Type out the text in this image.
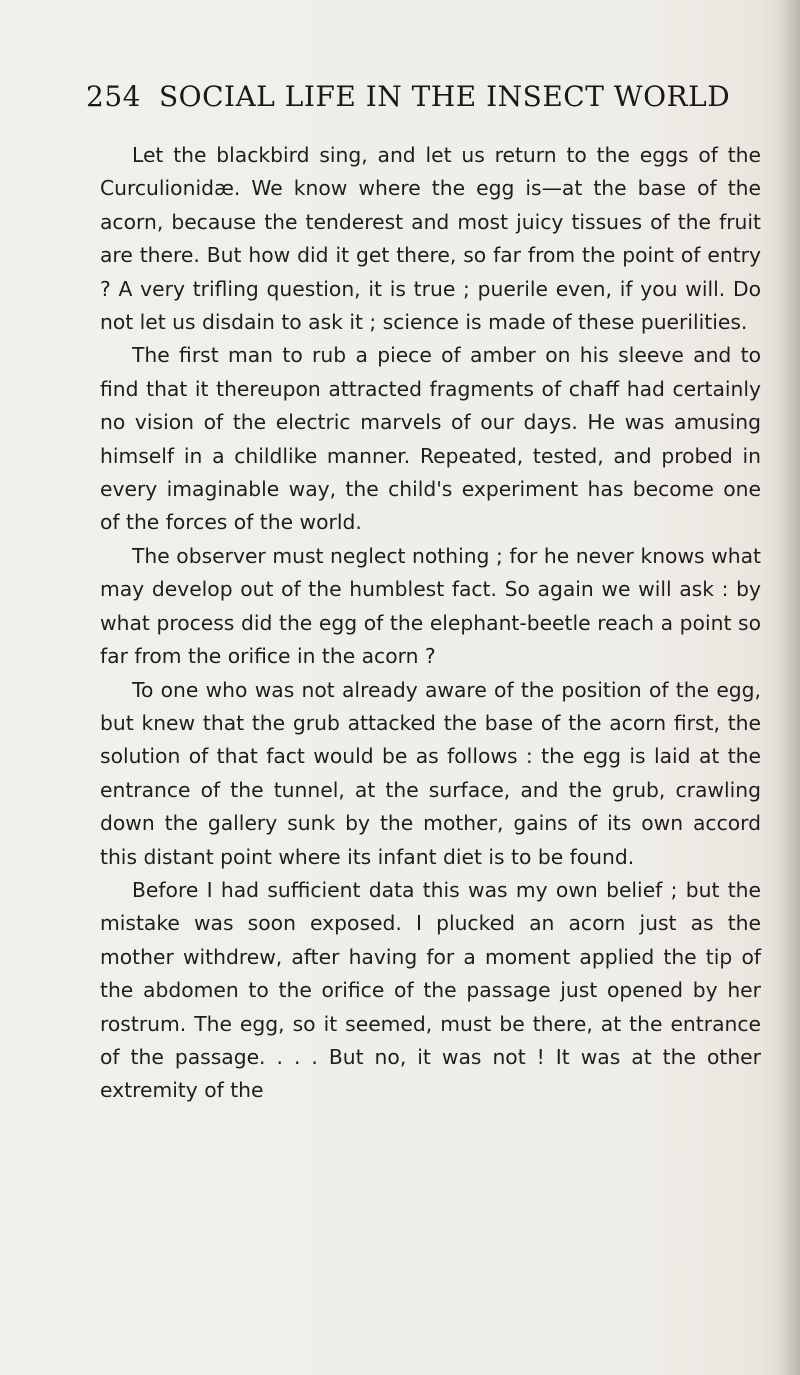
254 SOCIAL LIFE IN THE INSECT WORLD

Let the blackbird sing, and let us return to the eggs of the Curculionidæ. We know where the egg is—at the base of the acorn, because the tenderest and most juicy tissues of the fruit are there. But how did it get there, so far from the point of entry ? A very trifling question, it is true ; puerile even, if you will. Do not let us disdain to ask it ; science is made of these puerilities.

The first man to rub a piece of amber on his sleeve and to find that it thereupon attracted fragments of chaff had certainly no vision of the electric marvels of our days. He was amusing himself in a childlike manner. Repeated, tested, and probed in every imaginable way, the child's experiment has become one of the forces of the world.

The observer must neglect nothing ; for he never knows what may develop out of the humblest fact. So again we will ask : by what process did the egg of the elephant-beetle reach a point so far from the orifice in the acorn ?

To one who was not already aware of the position of the egg, but knew that the grub attacked the base of the acorn first, the solution of that fact would be as follows : the egg is laid at the entrance of the tunnel, at the surface, and the grub, crawling down the gallery sunk by the mother, gains of its own accord this distant point where its infant diet is to be found.

Before I had sufficient data this was my own belief ; but the mistake was soon exposed. I plucked an acorn just as the mother withdrew, after having for a moment applied the tip of the abdomen to the orifice of the passage just opened by her rostrum. The egg, so it seemed, must be there, at the entrance of the passage. . . . But no, it was not ! It was at the other extremity of the
